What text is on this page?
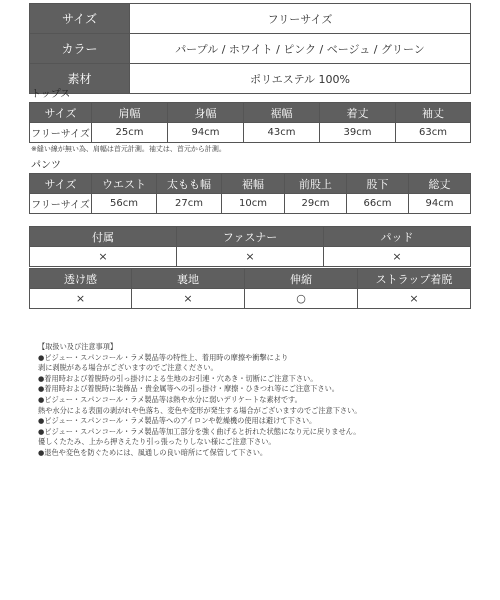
サイズ	フリーサイズ
カラー	パープル / ホワイト / ピンク / ベージュ / グリーン
素材	ポリエステル 100%
トップス
サイズ	肩幅	身幅	裾幅	着丈	袖丈
フリーサイズ	25cm	94cm	43cm	39cm	63cm
※縫い線が無い為、肩幅は首元計測。袖丈は、首元から計測。
パンツ
サイズ	ウエスト	太もも幅	裾幅	前股上	股下	総丈
フリーサイズ	56cm	27cm	10cm	29cm	66cm	94cm
付属	ファスナー	パッド
×	×	×
透け感	裏地	伸縮	ストラップ着脱
×	×	○	×
【取扱い及び注意事項】
●ビジュー・スパンコール・ラメ製品等の特性上、着用時の摩擦や衝撃により
剥に剥脱がある場合がございますのでご注意ください。
●着用時および着脱時の引っ掛けによる生地のお引連・穴あき・切断にご注意下さい。
●着用時および着脱時に装飾品・貴金属等への引っ掛け・摩擦・ひきつれ等にご注意下さい。
●ビジュー・スパンコール・ラメ製品等は熱や水分に弱いデリケートな素材です。
熱や水分による表面の剥がれや色落ち、変色や変形が発生する場合がございますのでご注意下さい。
●ビジュー・スパンコール・ラメ製品等へのアイロンや乾燥機の使用は避けて下さい。
●ビジュー・スパンコール・ラメ製品等加工部分を強く曲げると折れた状態になり元に戻りません。
優しくたたみ、上から押さえたり引っ張ったりしない様にご注意下さい。
●退色や変色を防ぐためには、風通しの良い暗所にて保管して下さい。
